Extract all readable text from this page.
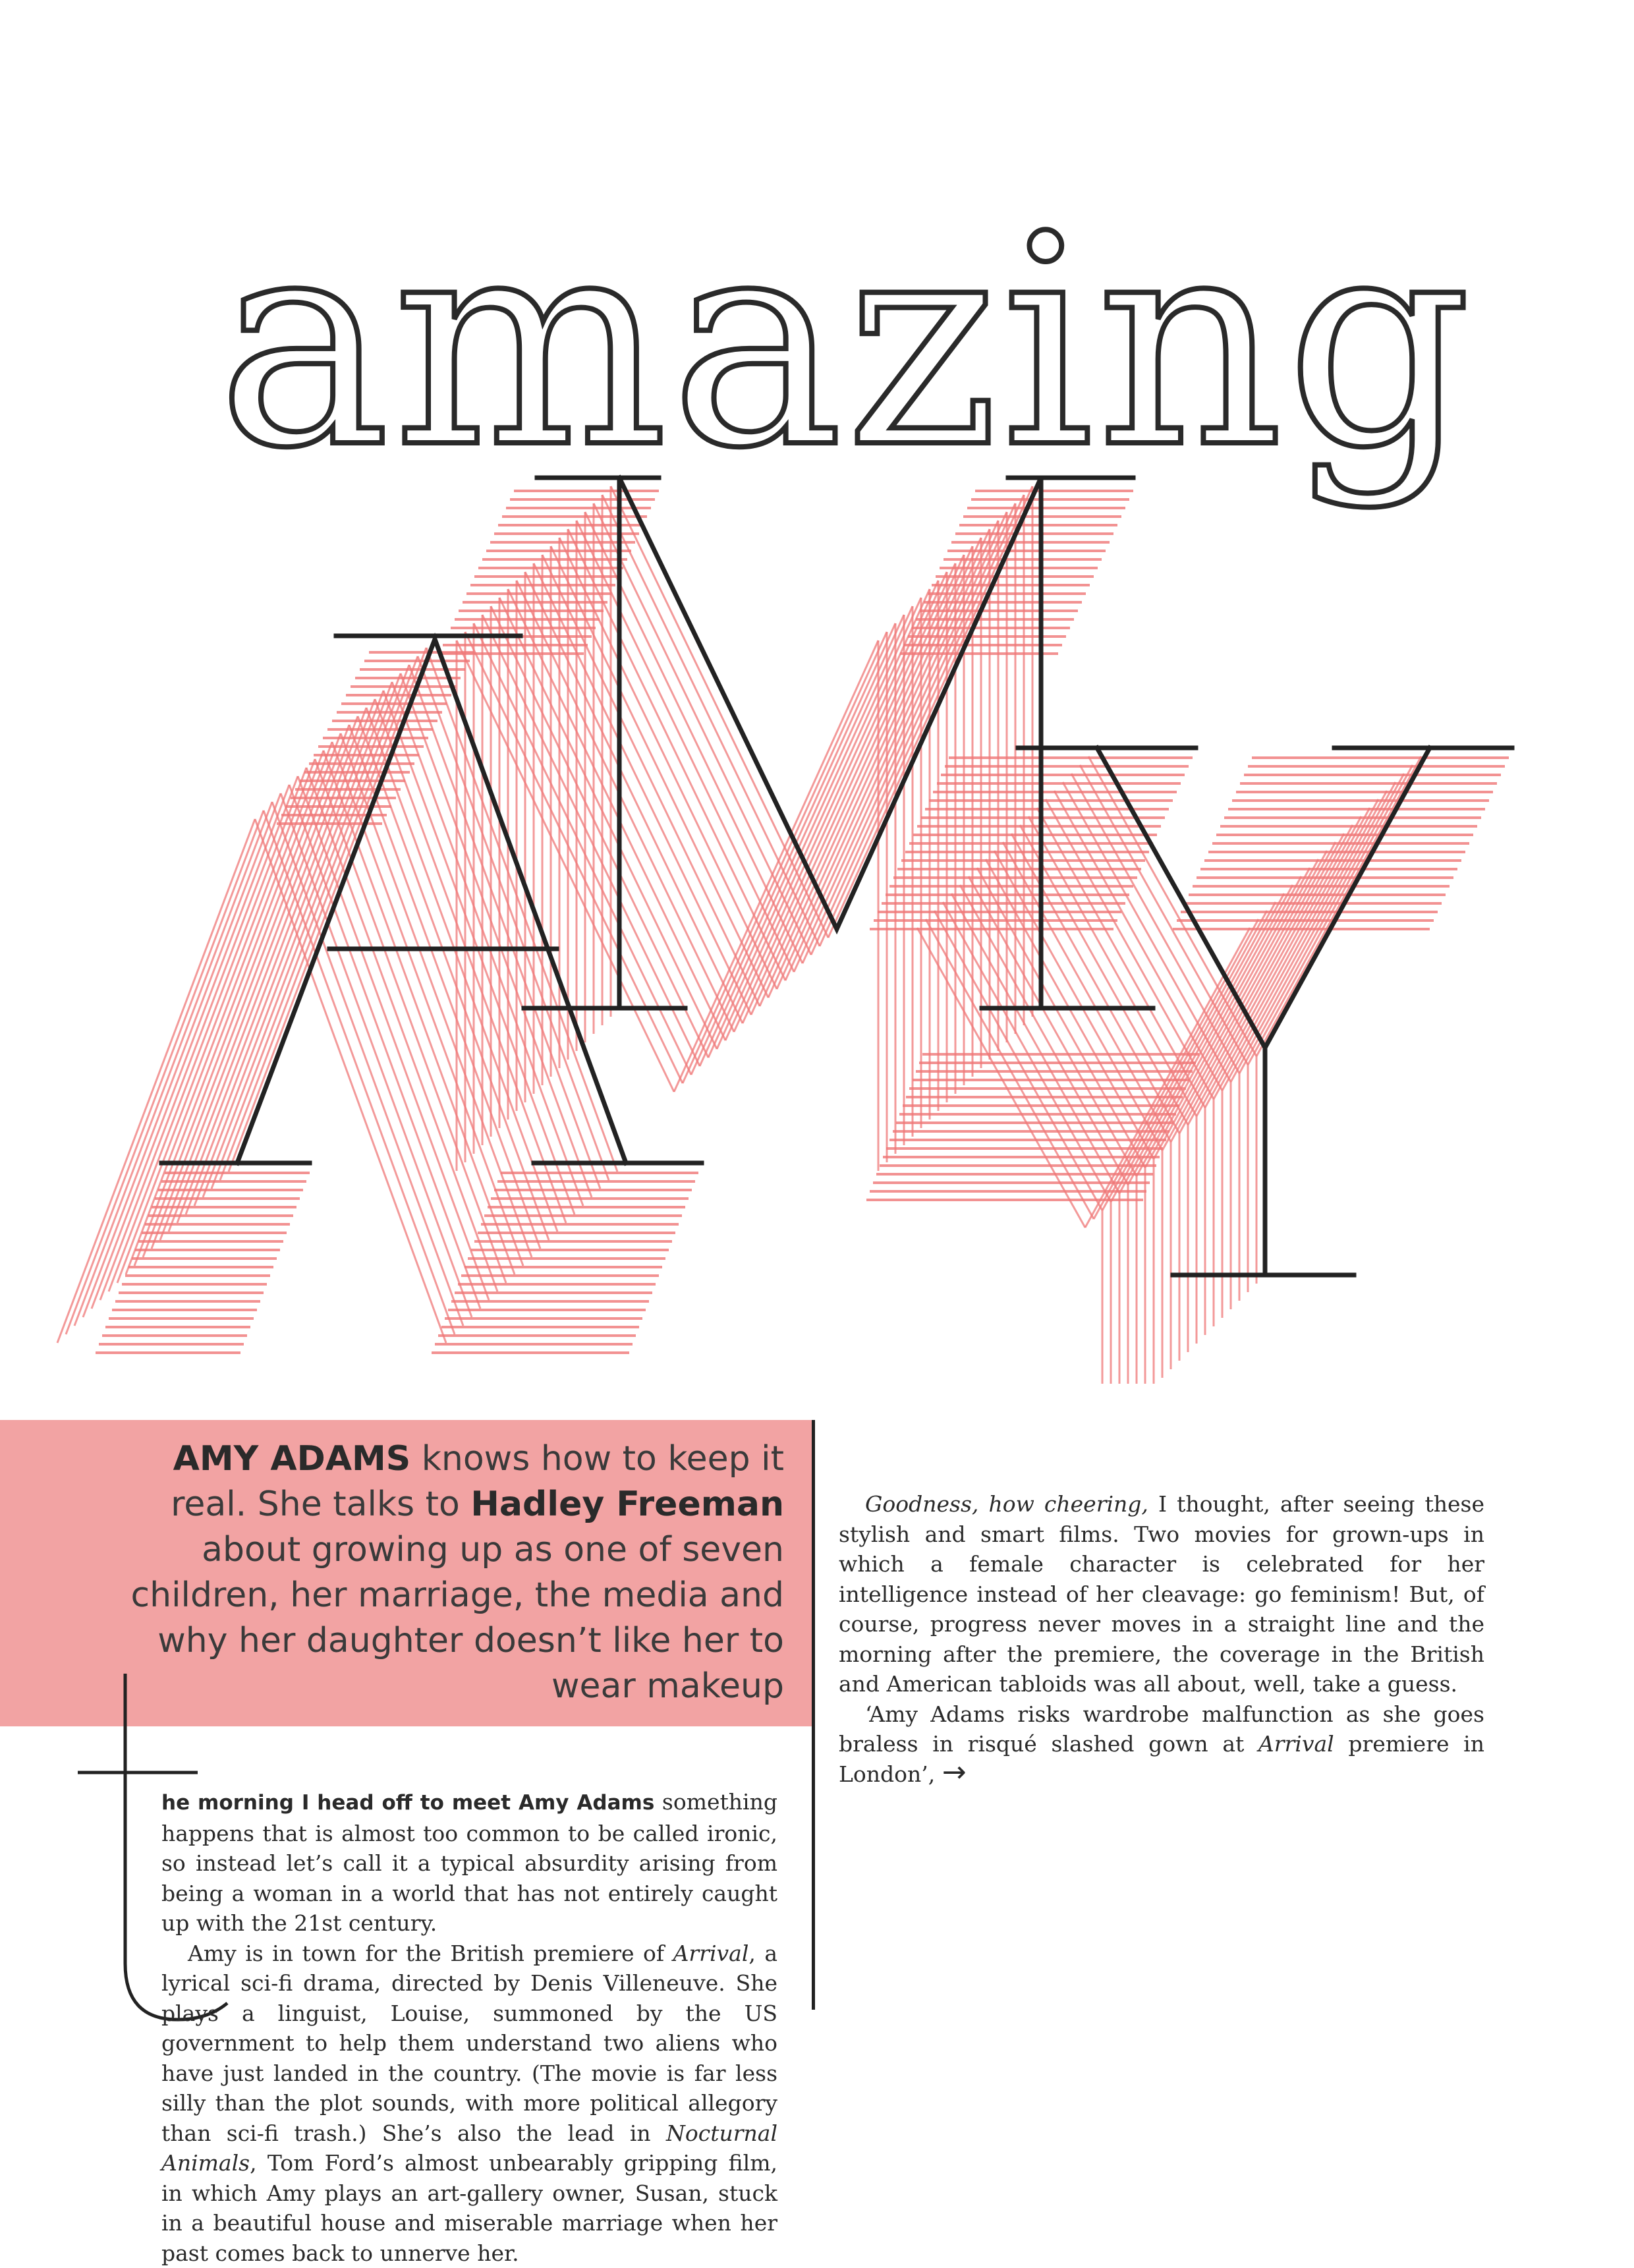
amazing
Amy
AMY ADAMS knows how to keep it real. She talks to Hadley Freeman about growing up as one of seven children, her marriage, the media and why her daughter doesn’t like her to wear makeup

he morning I head off to meet Amy Adams something happens that is almost too common to be called ironic, so instead let’s call it a typical absurdity arising from being a woman in a world that has not entirely caught up with the 21st century.

Amy is in town for the British premiere of Arrival, a lyrical sci-fi drama, directed by Denis Villeneuve. She plays a linguist, Louise, summoned by the US government to help them understand two aliens who have just landed in the country. (The movie is far less silly than the plot sounds, with more political allegory than sci-fi trash.) She’s also the lead in Nocturnal Animals, Tom Ford’s almost unbearably gripping film, in which Amy plays an art-gallery owner, Susan, stuck in a beautiful house and miserable marriage when her past comes back to unnerve her.

Goodness, how cheering, I thought, after seeing these stylish and smart films. Two movies for grown-ups in which a female character is celebrated for her intelligence instead of her cleavage: go feminism! But, of course, progress never moves in a straight line and the morning after the premiere, the coverage in the British and American tabloids was all about, well, take a guess.

‘Amy Adams risks wardrobe malfunction as she goes braless in risqué slashed gown at Arrival premiere in London’, →
